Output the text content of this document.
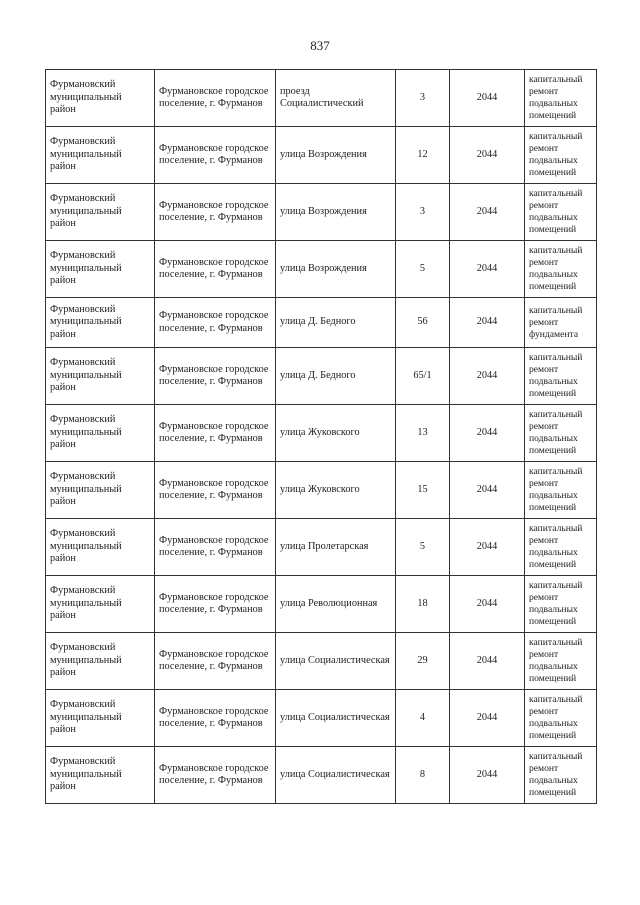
837
Фурмановский муниципальный район	Фурмановское городское поселение, г. Фурманов	проезд Социалистический	3	2044	капитальный ремонт подвальных помещений
Фурмановский муниципальный район	Фурмановское городское поселение, г. Фурманов	улица Возрождения	12	2044	капитальный ремонт подвальных помещений
Фурмановский муниципальный район	Фурмановское городское поселение, г. Фурманов	улица Возрождения	3	2044	капитальный ремонт подвальных помещений
Фурмановский муниципальный район	Фурмановское городское поселение, г. Фурманов	улица Возрождения	5	2044	капитальный ремонт подвальных помещений
Фурмановский муниципальный район	Фурмановское городское поселение, г. Фурманов	улица Д. Бедного	56	2044	капитальный ремонт фундамента
Фурмановский муниципальный район	Фурмановское городское поселение, г. Фурманов	улица Д. Бедного	65/1	2044	капитальный ремонт подвальных помещений
Фурмановский муниципальный район	Фурмановское городское поселение, г. Фурманов	улица Жуковского	13	2044	капитальный ремонт подвальных помещений
Фурмановский муниципальный район	Фурмановское городское поселение, г. Фурманов	улица Жуковского	15	2044	капитальный ремонт подвальных помещений
Фурмановский муниципальный район	Фурмановское городское поселение, г. Фурманов	улица Пролетарская	5	2044	капитальный ремонт подвальных помещений
Фурмановский муниципальный район	Фурмановское городское поселение, г. Фурманов	улица Революционная	18	2044	капитальный ремонт подвальных помещений
Фурмановский муниципальный район	Фурмановское городское поселение, г. Фурманов	улица Социалистическая	29	2044	капитальный ремонт подвальных помещений
Фурмановский муниципальный район	Фурмановское городское поселение, г. Фурманов	улица Социалистическая	4	2044	капитальный ремонт подвальных помещений
Фурмановский муниципальный район	Фурмановское городское поселение, г. Фурманов	улица Социалистическая	8	2044	капитальный ремонт подвальных помещений
